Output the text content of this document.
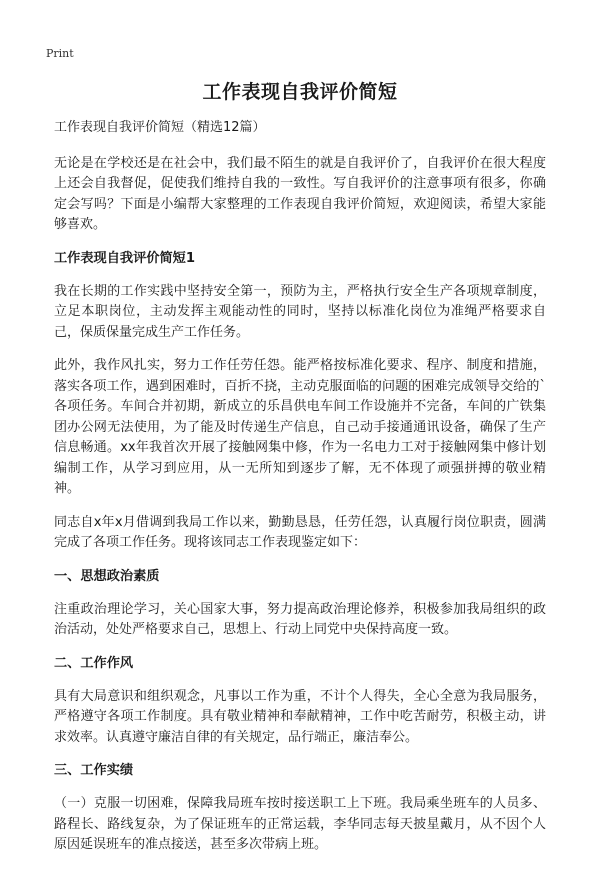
Print
工作表现自我评价简短

工作表现自我评价简短（精选12篇）

无论是在学校还是在社会中，我们最不陌生的就是自我评价了，自我评价在很大程度上还会自我督促，促使我们维持自我的一致性。写自我评价的注意事项有很多，你确定会写吗？下面是小编帮大家整理的工作表现自我评价简短，欢迎阅读，希望大家能够喜欢。

工作表现自我评价简短1

我在长期的工作实践中坚持安全第一，预防为主，严格执行安全生产各项规章制度，立足本职岗位，主动发挥主观能动性的同时，坚持以标准化岗位为准绳严格要求自己，保质保量完成生产工作任务。

此外，我作风扎实，努力工作任劳任怨。能严格按标准化要求、程序、制度和措施，落实各项工作，遇到困难时，百折不挠，主动克服面临的问题的困难完成领导交给的`各项任务。车间合并初期，新成立的乐昌供电车间工作设施并不完备，车间的广铁集团办公网无法使用，为了能及时传递生产信息，自己动手接通通讯设备，确保了生产信息畅通。xx年我首次开展了接触网集中修，作为一名电力工对于接触网集中修计划编制工作，从学习到应用，从一无所知到逐步了解，无不体现了顽强拼搏的敬业精神。

同志自x年x月借调到我局工作以来，勤勤恳恳，任劳任怨，认真履行岗位职责，圆满完成了各项工作任务。现将该同志工作表现鉴定如下：

一、思想政治素质

注重政治理论学习，关心国家大事，努力提高政治理论修养，积极参加我局组织的政治活动，处处严格要求自己，思想上、行动上同党中央保持高度一致。

二、工作作风

具有大局意识和组织观念，凡事以工作为重，不计个人得失，全心全意为我局服务，严格遵守各项工作制度。具有敬业精神和奉献精神，工作中吃苦耐劳，积极主动，讲求效率。认真遵守廉洁自律的有关规定，品行端正，廉洁奉公。

三、工作实绩

（一）克服一切困难，保障我局班车按时接送职工上下班。我局乘坐班车的人员多、路程长、路线复杂，为了保证班车的正常运载，李华同志每天披星戴月，从不因个人原因延误班车的准点接送，甚至多次带病上班。
